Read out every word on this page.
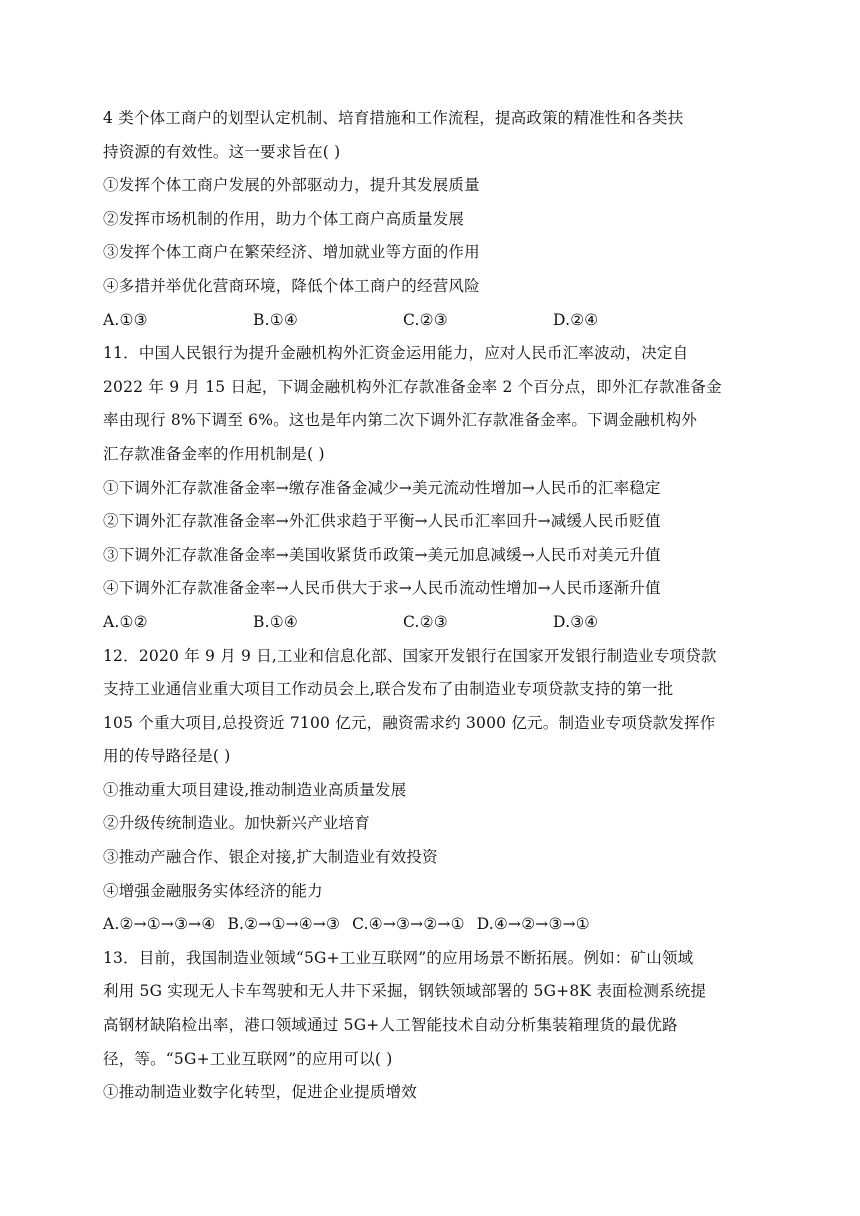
4 类个体工商户的划型认定机制、培育措施和工作流程，提高政策的精准性和各类扶
持资源的有效性。这一要求旨在( )
①发挥个体工商户发展的外部驱动力，提升其发展质量
②发挥市场机制的作用，助力个体工商户高质量发展
③发挥个体工商户在繁荣经济、增加就业等方面的作用
④多措并举优化营商环境，降低个体工商户的经营风险
A.①③	B.①④	C.②③	D.②④
11．中国人民银行为提升金融机构外汇资金运用能力，应对人民币汇率波动，决定自
2022 年 9 月 15 日起，下调金融机构外汇存款准备金率 2 个百分点，即外汇存款准备金
率由现行 8%下调至 6%。这也是年内第二次下调外汇存款准备金率。下调金融机构外
汇存款准备金率的作用机制是( )
①下调外汇存款准备金率→缴存准备金减少→美元流动性增加→人民币的汇率稳定
②下调外汇存款准备金率→外汇供求趋于平衡→人民币汇率回升→减缓人民币贬值
③下调外汇存款准备金率→美国收紧货币政策→美元加息减缓→人民币对美元升值
④下调外汇存款准备金率→人民币供大于求→人民币流动性增加→人民币逐渐升值
A.①②	B.①④	C.②③	D.③④
12．2020 年 9 月 9 日,工业和信息化部、国家开发银行在国家开发银行制造业专项贷款
支持工业通信业重大项目工作动员会上,联合发布了由制造业专项贷款支持的第一批
105 个重大项目,总投资近 7100 亿元，融资需求约 3000 亿元。制造业专项贷款发挥作
用的传导路径是( )
①推动重大项目建设,推动制造业高质量发展
②升级传统制造业。加快新兴产业培育
③推动产融合作、银企对接,扩大制造业有效投资
④增强金融服务实体经济的能力
A.②→①→③→④ B.②→①→④→③ C.④→③→②→① D.④→②→③→①
13．目前，我国制造业领域“5G+工业互联网”的应用场景不断拓展。例如：矿山领域
利用 5G 实现无人卡车驾驶和无人井下采掘，钢铁领域部署的 5G+8K 表面检测系统提
高钢材缺陷检出率，港口领域通过 5G+人工智能技术自动分析集装箱理货的最优路
径，等。“5G+工业互联网”的应用可以( )
①推动制造业数字化转型，促进企业提质增效
